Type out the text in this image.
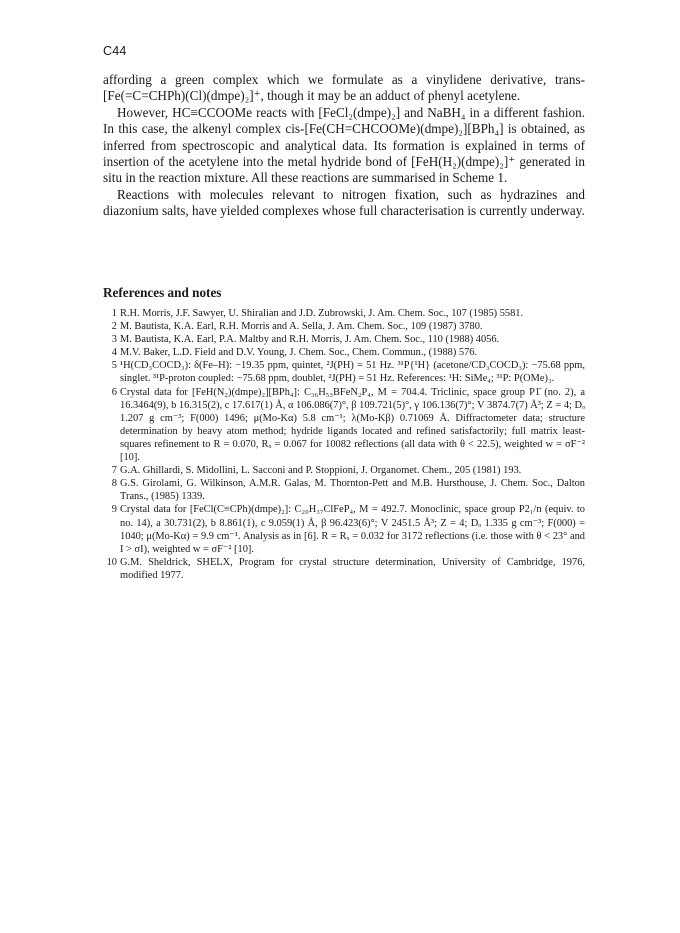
C44

affording a green complex which we formulate as a vinylidene derivative, trans-[Fe(=C=CHPh)(Cl)(dmpe)₂]⁺, though it may be an adduct of phenyl acetylene.

However, HC≡CCOOMe reacts with [FeCl₂(dmpe)₂] and NaBH₄ in a different fashion. In this case, the alkenyl complex cis-[Fe(CH=CHCOOMe)(dmpe)₂][BPh₄] is obtained, as inferred from spectroscopic and analytical data. Its formation is explained in terms of insertion of the acetylene into the metal hydride bond of [FeH(H₂)(dmpe)₂]⁺ generated in situ in the reaction mixture. All these reactions are summarised in Scheme 1.

Reactions with molecules relevant to nitrogen fixation, such as hydrazines and diazonium salts, have yielded complexes whose full characterisation is currently underway.

References and notes
1 R.H. Morris, J.F. Sawyer, U. Shiralian and J.D. Zubrowski, J. Am. Chem. Soc., 107 (1985) 5581.
2 M. Bautista, K.A. Earl, R.H. Morris and A. Sella, J. Am. Chem. Soc., 109 (1987) 3780.
3 M. Bautista, K.A. Earl, P.A. Maltby and R.H. Morris, J. Am. Chem. Soc., 110 (1988) 4056.
4 M.V. Baker, L.D. Field and D.V. Young, J. Chem. Soc., Chem. Commun., (1988) 576.
5 ¹H(CD₃COCD₃): δ(Fe–H): −19.35 ppm, quintet, ²J(PH) = 51 Hz. ³¹P{¹H} (acetone/CD₃COCD₃): −75.68 ppm, singlet. ³¹P-proton coupled: −75.68 ppm, doublet, ²J(PH) = 51 Hz. References: ¹H: SiMe₄; ³¹P: P(OMe)₃.
6 Crystal data for [FeH(N₂)(dmpe)₂][BPh₄]: C₃₆H₅₃BFeN₂P₄, M = 704.4. Triclinic, space group P1̄ (no. 2), a 16.3464(9), b 16.315(2), c 17.617(1) Å, α 106.086(7)°, β 109.721(5)°, γ 106.136(7)°; V 3874.7(7) Å³; Z = 4; Dₒ 1.207 g cm⁻³; F(000) 1496; μ(Mo-Kα) 5.8 cm⁻¹; λ(Mo-Kβ) 0.71069 Å. Diffractometer data; structure determination by heavy atom method; hydride ligands located and refined satisfactorily; full matrix least-squares refinement to R = 0.070, Rₓ = 0.067 for 10082 reflections (all data with θ < 22.5), weighted w = σF⁻² [10].
7 G.A. Ghillardi, S. Midollini, L. Sacconi and P. Stoppioni, J. Organomet. Chem., 205 (1981) 193.
8 G.S. Girolami, G. Wilkinson, A.M.R. Galas, M. Thornton-Pett and M.B. Hursthouse, J. Chem. Soc., Dalton Trans., (1985) 1339.
9 Crystal data for [FeCl(C≡CPh)(dmpe)₂]: C₂₀H₃₇ClFeP₄, M = 492.7. Monoclinic, space group P2₁/n (equiv. to no. 14), a 30.731(2), b 8.861(1), c 9.059(1) Å, β 96.423(6)°; V 2451.5 Å³; Z = 4; Dₒ 1.335 g cm⁻³; F(000) = 1040; μ(Mo-Kα) = 9.9 cm⁻¹. Analysis as in [6]. R = Rₓ = 0.032 for 3172 reflections (i.e. those with θ < 23° and I > σI), weighted w = σF⁻² [10].
10 G.M. Sheldrick, SHELX, Program for crystal structure determination, University of Cambridge, 1976, modified 1977.
